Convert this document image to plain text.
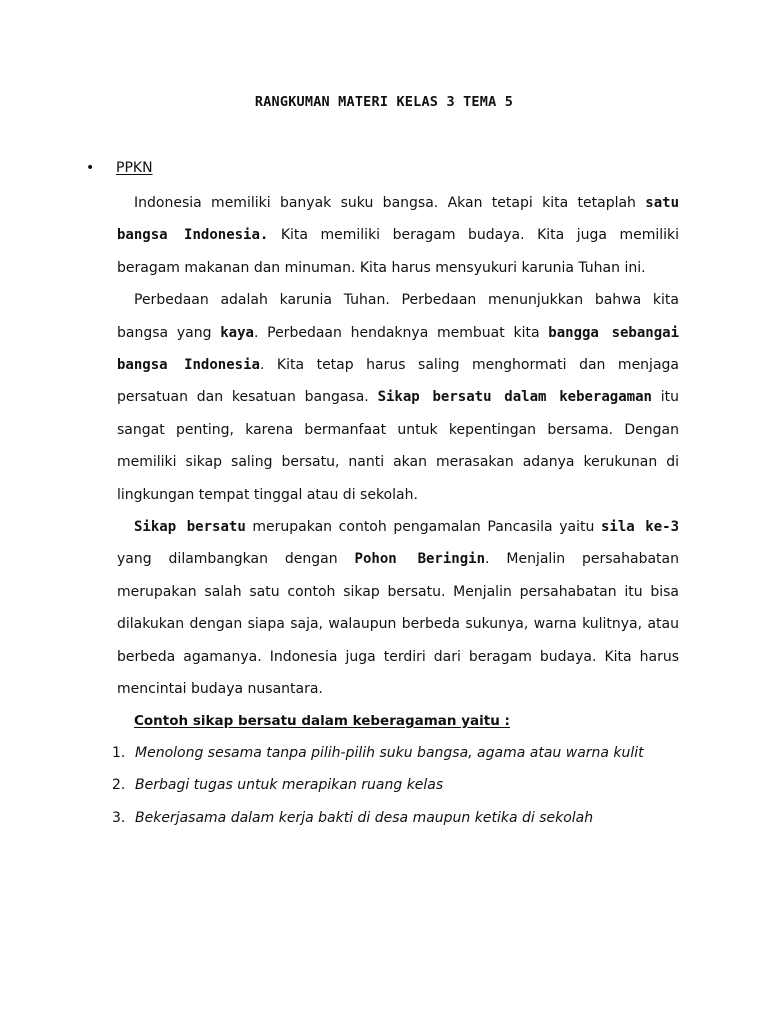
RANGKUMAN MATERI KELAS 3 TEMA 5
• PPKN

Indonesia memiliki banyak suku bangsa. Akan tetapi kita tetaplah satu bangsa Indonesia. Kita memiliki beragam budaya. Kita juga memiliki beragam makanan dan minuman. Kita harus mensyukuri karunia Tuhan ini.

Perbedaan adalah karunia Tuhan. Perbedaan menunjukkan bahwa kita bangsa yang kaya. Perbedaan hendaknya membuat kita bangga sebangai bangsa Indonesia. Kita tetap harus saling menghormati dan menjaga persatuan dan kesatuan bangasa. Sikap bersatu dalam keberagaman itu sangat penting, karena bermanfaat untuk kepentingan bersama. Dengan memiliki sikap saling bersatu, nanti akan merasakan adanya kerukunan di lingkungan tempat tinggal atau di sekolah.

Sikap bersatu merupakan contoh pengamalan Pancasila yaitu sila ke-3 yang dilambangkan dengan Pohon Beringin. Menjalin persahabatan merupakan salah satu contoh sikap bersatu. Menjalin persahabatan itu bisa dilakukan dengan siapa saja, walaupun berbeda sukunya, warna kulitnya, atau berbeda agamanya. Indonesia juga terdiri dari beragam budaya. Kita harus mencintai budaya nusantara.

Contoh sikap bersatu dalam keberagaman yaitu :

1. Menolong sesama tanpa pilih-pilih suku bangsa, agama atau warna kulit
2. Berbagi tugas untuk merapikan ruang kelas
3. Bekerjasama dalam kerja bakti di desa maupun ketika di sekolah
